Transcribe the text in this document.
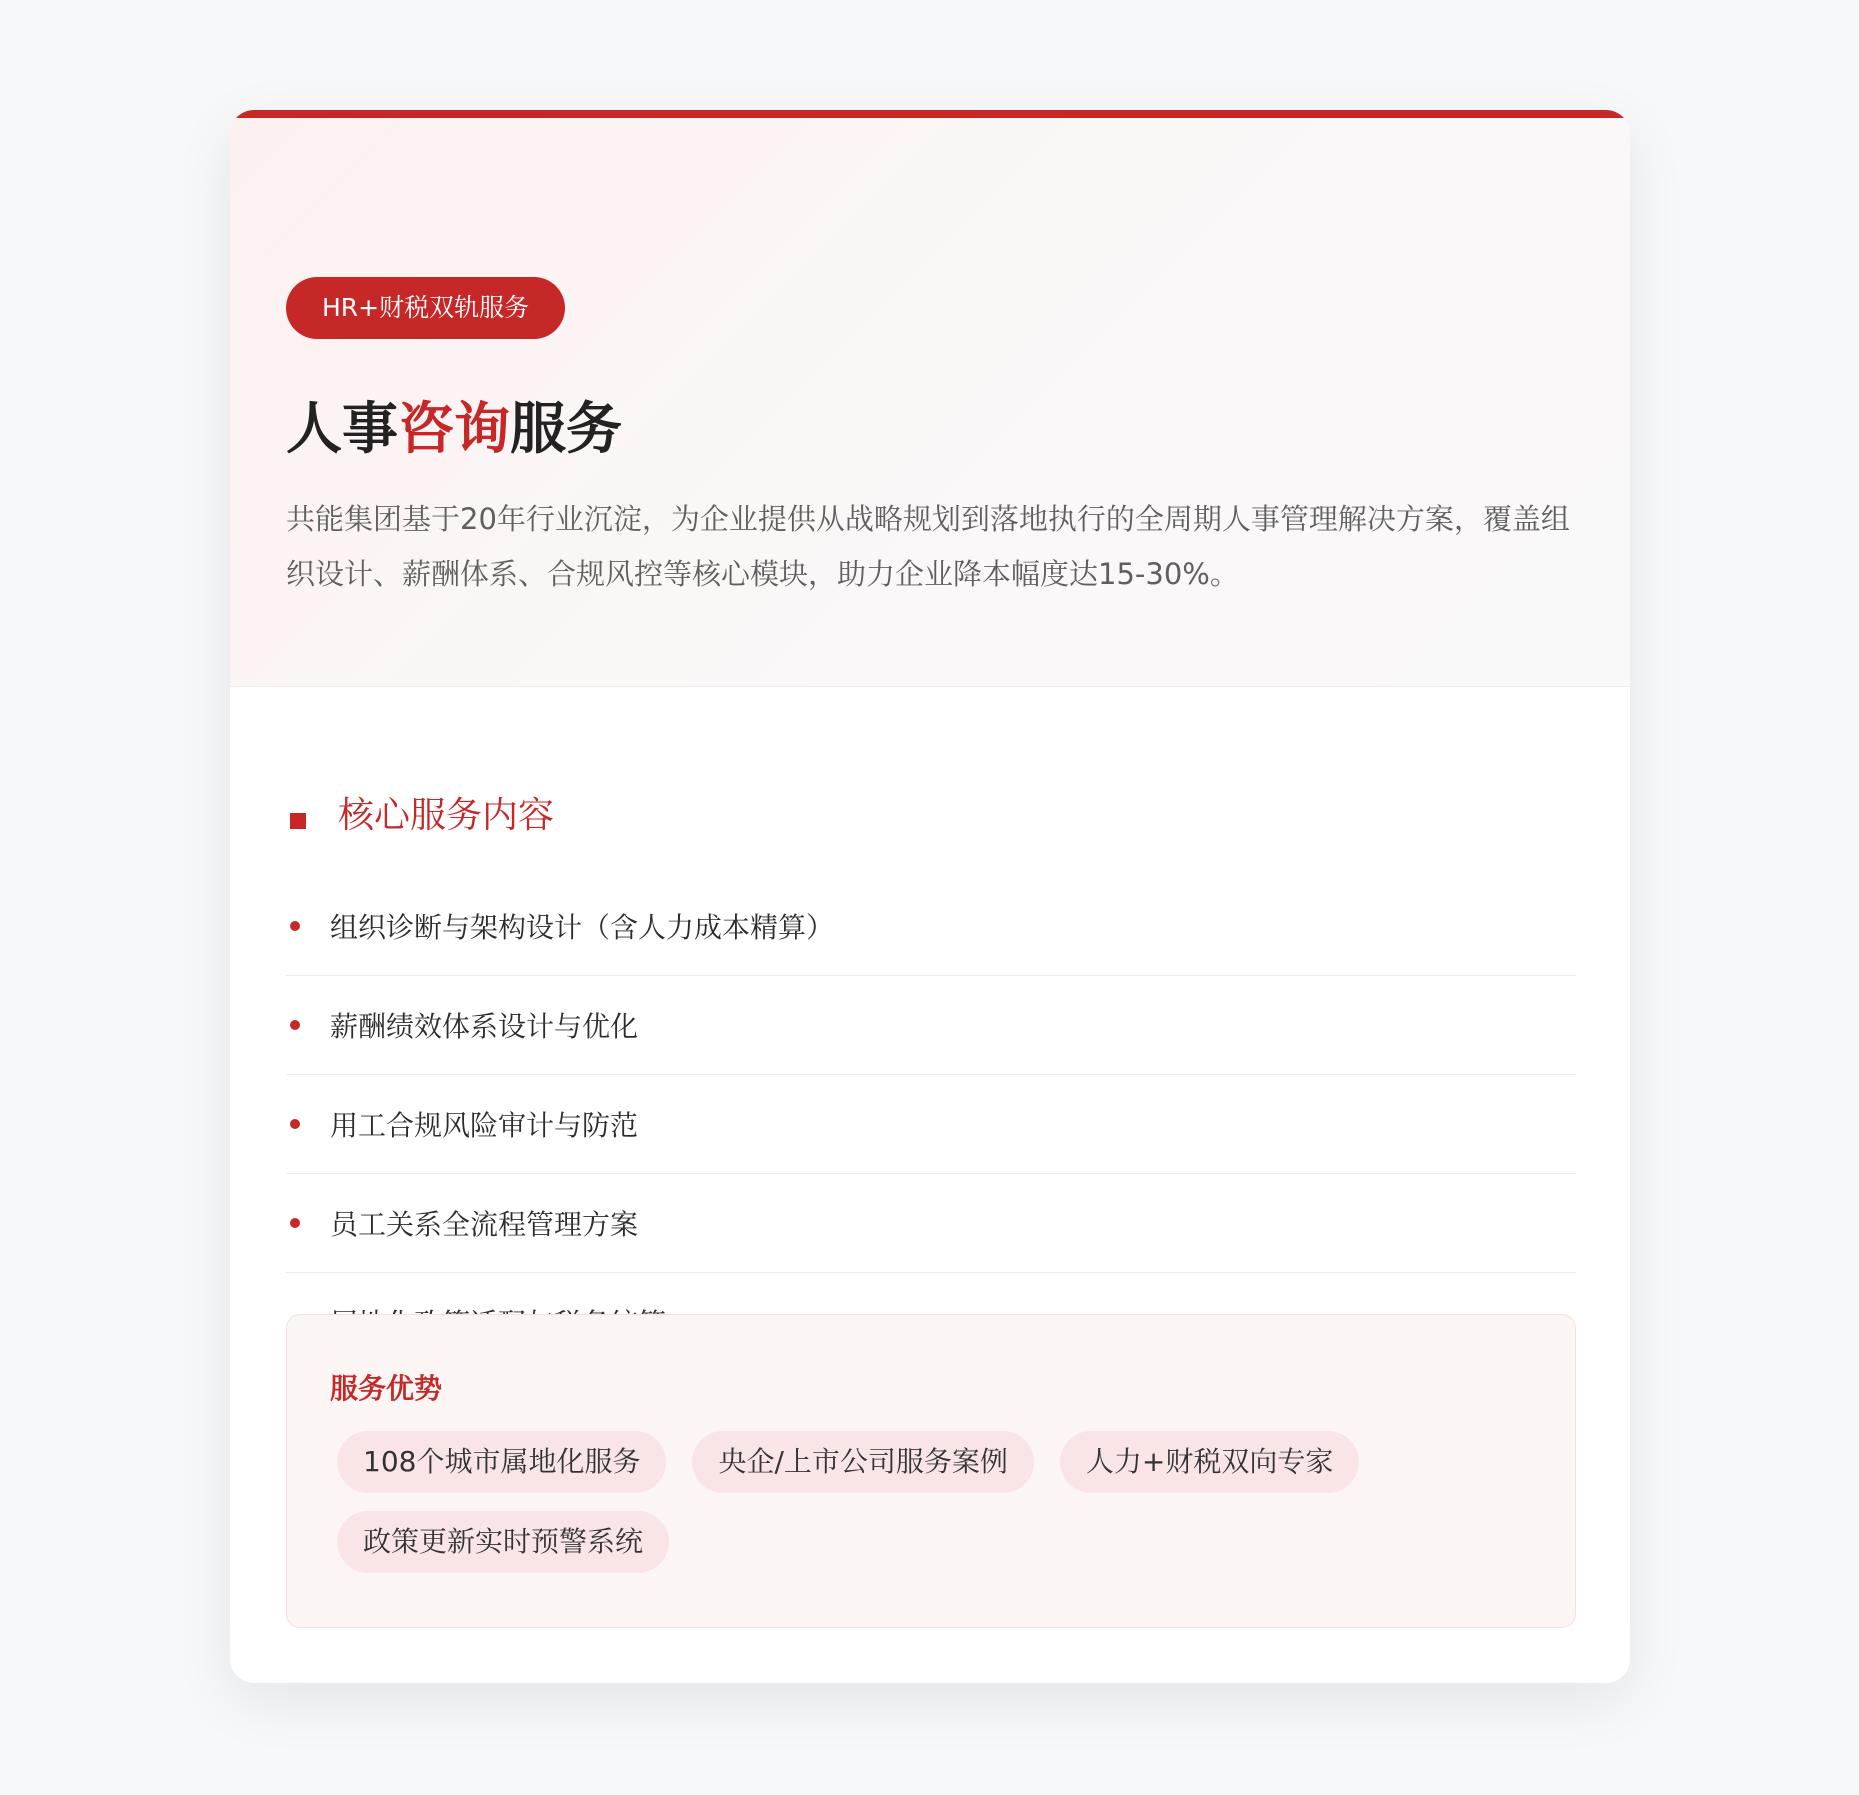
HR+财税双轨服务
人事咨询服务

共能集团基于20年行业沉淀，为企业提供从战略规划到落地执行的全周期人事管理解决方案，覆盖组织设计、薪酬体系、合规风控等核心模块，助力企业降本幅度达15-30%。

核心服务内容
组织诊断与架构设计（含人力成本精算）
薪酬绩效体系设计与优化
用工合规风险审计与防范
员工关系全流程管理方案
服务优势
108个城市属地化服务	央企/上市公司服务案例	人力+财税双向专家
政策更新实时预警系统
